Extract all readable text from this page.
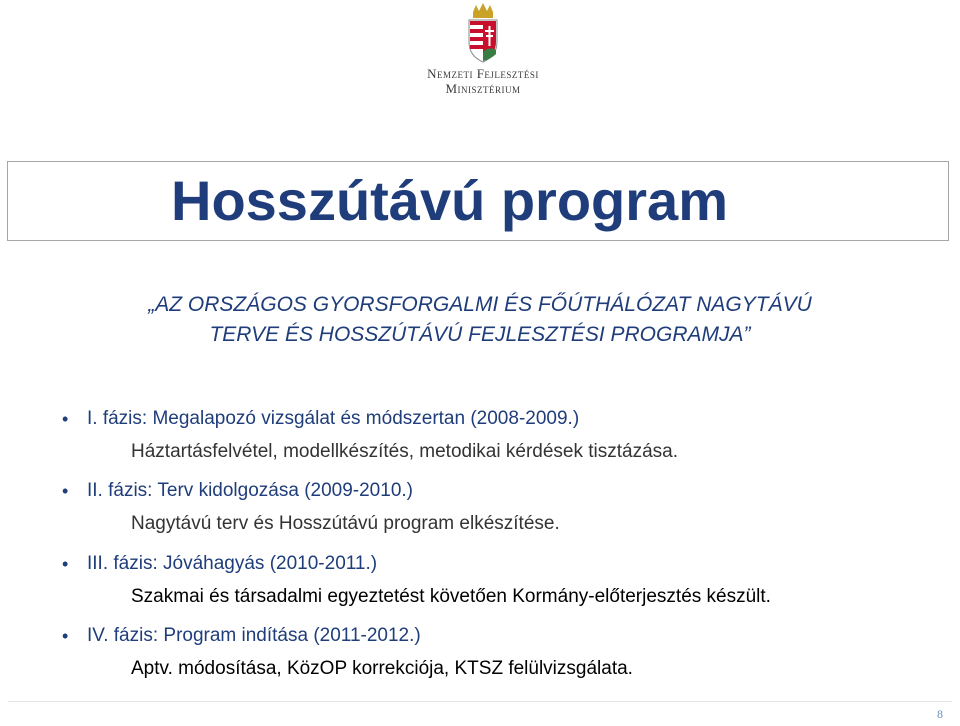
Nemzeti Fejlesztési
Minisztérium
Hosszútávú program
„AZ ORSZÁGOS GYORSFORGALMI ÉS FŐÚTHÁLÓZAT NAGYTÁVÚ
TERVE ÉS HOSSZÚTÁVÚ FEJLESZTÉSI PROGRAMJA”
• I. fázis: Megalapozó vizsgálat és módszertan (2008-2009.)
Háztartásfelvétel, modellkészítés, metodikai kérdések tisztázása.
• II. fázis: Terv kidolgozása (2009-2010.)
Nagytávú terv és Hosszútávú program elkészítése.
• III. fázis: Jóváhagyás (2010-2011.)
Szakmai és társadalmi egyeztetést követően Kormány-előterjesztés készült.
• IV. fázis: Program indítása (2011-2012.)
Aptv. módosítása, KözOP korrekciója, KTSZ felülvizsgálata.
8
